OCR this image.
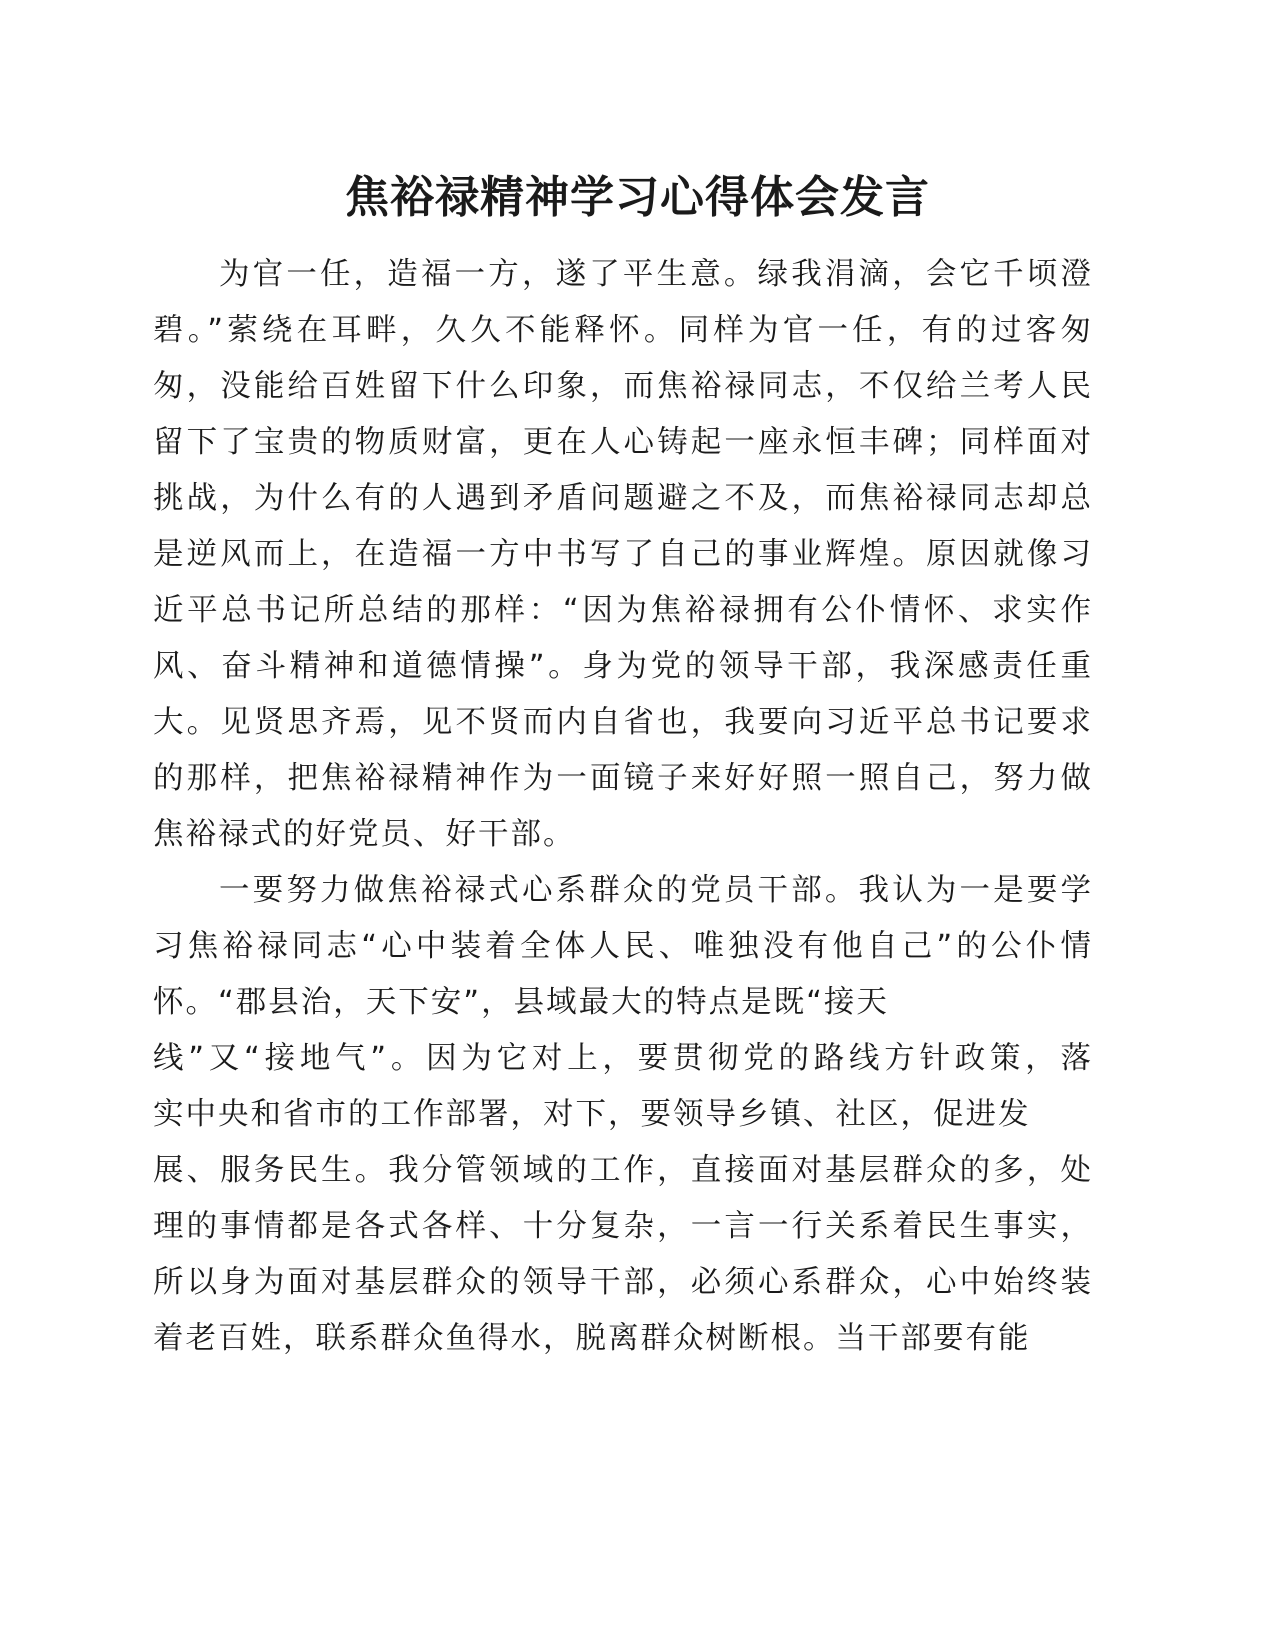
焦裕禄精神学习心得体会发言

为官一任，造福一方，遂了平生意。绿我涓滴，会它千顷澄

碧。”萦绕在耳畔，久久不能释怀。同样为官一任，有的过客匆

匆，没能给百姓留下什么印象，而焦裕禄同志，不仅给兰考人民

留下了宝贵的物质财富，更在人心铸起一座永恒丰碑；同样面对

挑战，为什么有的人遇到矛盾问题避之不及，而焦裕禄同志却总

是逆风而上，在造福一方中书写了自己的事业辉煌。原因就像习

近平总书记所总结的那样：“因为焦裕禄拥有公仆情怀、求实作

风、奋斗精神和道德情操”。身为党的领导干部，我深感责任重

大。见贤思齐焉，见不贤而内自省也，我要向习近平总书记要求

的那样，把焦裕禄精神作为一面镜子来好好照一照自己，努力做

焦裕禄式的好党员、好干部。

一要努力做焦裕禄式心系群众的党员干部。我认为一是要学

习焦裕禄同志“心中装着全体人民、唯独没有他自己”的公仆情

怀。“郡县治，天下安”，县域最大的特点是既“接天

线”又“接地气”。因为它对上，要贯彻党的路线方针政策，落

实中央和省市的工作部署，对下，要领导乡镇、社区，促进发

展、服务民生。我分管领域的工作，直接面对基层群众的多，处

理的事情都是各式各样、十分复杂，一言一行关系着民生事实，

所以身为面对基层群众的领导干部，必须心系群众，心中始终装

着老百姓，联系群众鱼得水，脱离群众树断根。当干部要有能
